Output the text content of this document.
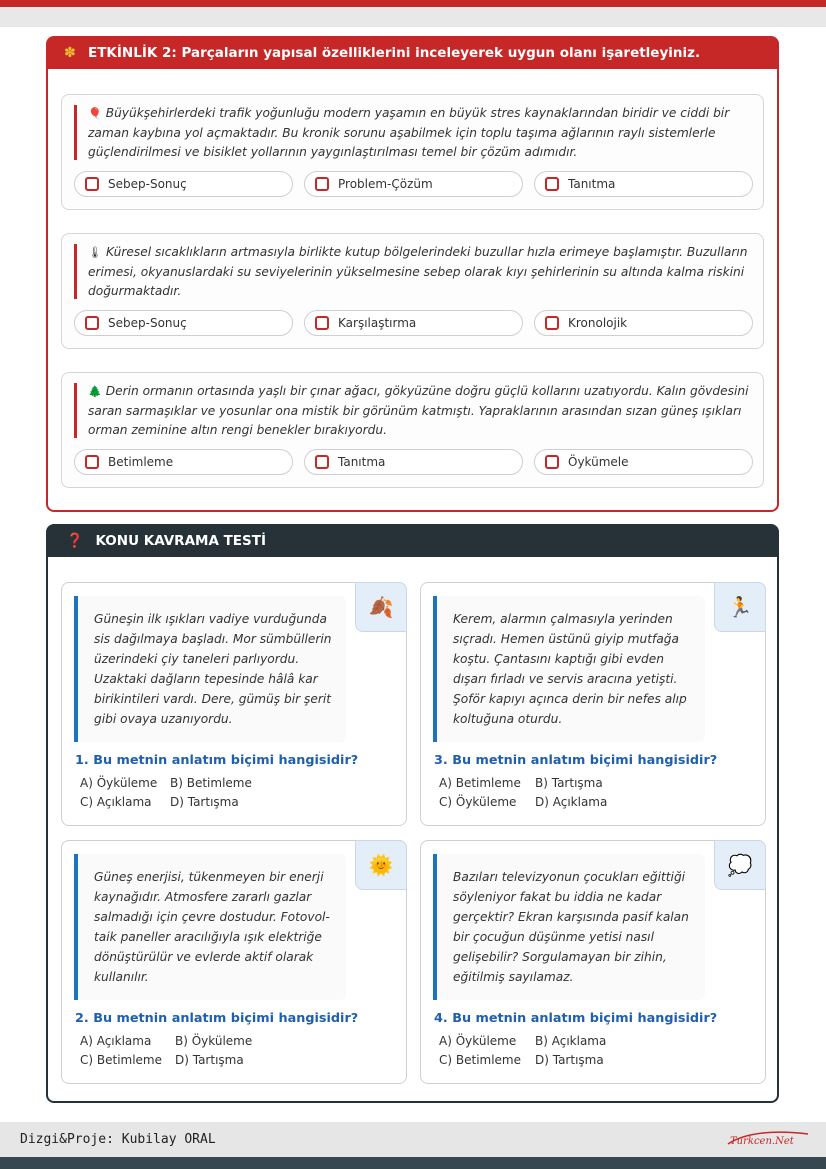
✽ ETKİNLİK 2: Parçaların yapısal özelliklerini inceleyerek uygun olanı işaretleyiniz.
🎈 Büyükşehirlerdeki trafik yoğunluğu modern yaşamın en büyük stres kaynaklarından biridir ve ciddi bir zaman kaybına yol açmaktadır. Bu kronik sorunu aşabilmek için toplu taşıma ağlarının raylı sistemlerle güçlendirilmesi ve bisiklet yollarının yaygınlaştırılması temel bir çözüm adımıdır.
Sebep-Sonuç	Problem-Çözüm	Tanıtma
🌡 Küresel sıcaklıkların artmasıyla birlikte kutup bölgelerindeki buzullar hızla erimeye başlamıştır. Buzulların erimesi, okyanuslardaki su seviyelerinin yükselmesine sebep olarak kıyı şehirlerinin su altında kalma riskini doğurmaktadır.
Sebep-Sonuç	Karşılaştırma	Kronolojik
🌲 Derin ormanın ortasında yaşlı bir çınar ağacı, gökyüzüne doğru güçlü kollarını uzatıyordu. Kalın gövdesini saran sarmaşıklar ve yosunlar ona mistik bir görünüm katmıştı. Yapraklarının arasından sızan güneş ışıkları orman zeminine altın rengi benekler bırakıyordu.
Betimleme	Tanıtma	Öykümele
❓ KONU KAVRAMA TESTİ
🍂
Güneşin ilk ışıkları vadiye vurduğunda sis dağılmaya başladı. Mor sümbüllerin üzerindeki çiy taneleri parlıyordu. Uzaktaki dağların tepesinde hâlâ kar birikintileri vardı. Dere, gümüş bir şerit gibi ovaya uzanıyordu.
1. Bu metnin anlatım biçimi hangisidir?
A) Öyküleme B) Betimleme
C) Açıklama D) Tartışma
🏃
Kerem, alarmın çalmasıyla yerinden sıçradı. Hemen üstünü giyip mutfağa koştu. Çantasını kaptığı gibi evden dışarı fırladı ve servis aracına yetişti. Şoför kapıyı açınca derin bir nefes alıp koltuğuna oturdu.
3. Bu metnin anlatım biçimi hangisidir?
A) Betimleme B) Tartışma
C) Öyküleme D) Açıklama
🌞
Güneş enerjisi, tükenmeyen bir enerji kaynağıdır. Atmosfere zararlı gazlar salmadığı için çevre dostudur. Fotovol-taik paneller aracılığıyla ışık elektriğe dönüştürülür ve evlerde aktif olarak kullanılır.
2. Bu metnin anlatım biçimi hangisidir?
A) Açıklama B) Öyküleme
C) Betimleme D) Tartışma
💭
Bazıları televizyonun çocukları eğittiği söyleniyor fakat bu iddia ne kadar gerçektir? Ekran karşısında pasif kalan bir çocuğun düşünme yetisi nasıl gelişebilir? Sorgulamayan bir zihin, eğitilmiş sayılamaz.
4. Bu metnin anlatım biçimi hangisidir?
A) Öyküleme B) Açıklama
C) Betimleme D) Tartışma
Dizgi&Proje: Kubilay ORAL	Turkcen.Net
